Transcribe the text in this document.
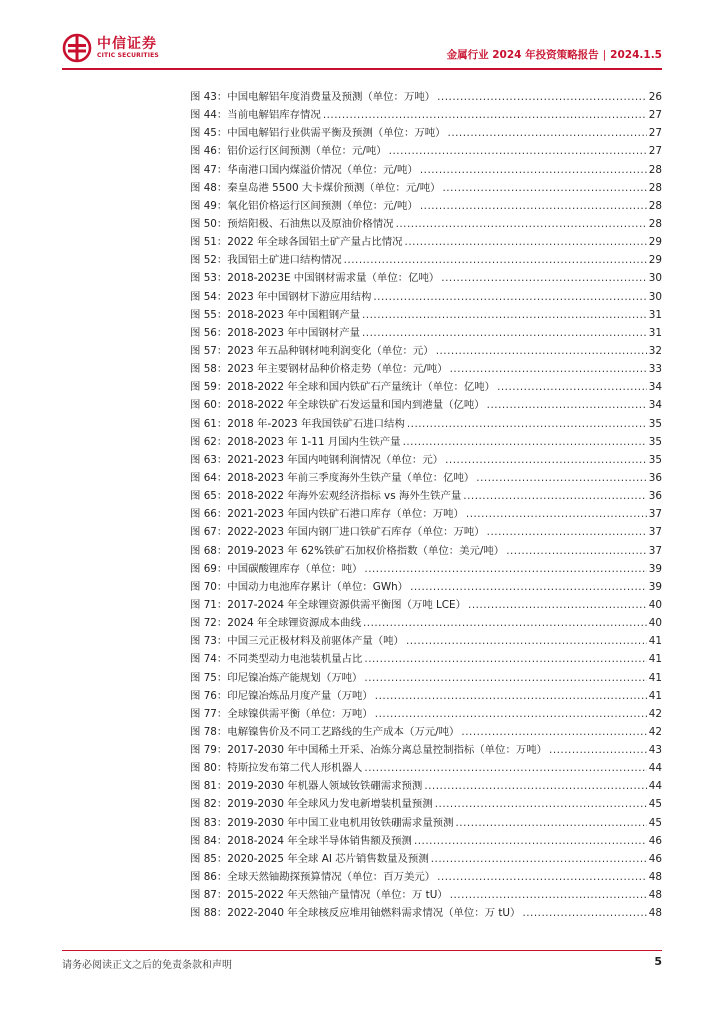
中信证券
CITIC SECURITIES	金属行业 2024 年投资策略报告 | 2024.1.5
图 43：中国电解铝年度消费量及预测（单位：万吨） .....	26
图 44：当前电解铝库存情况 .....	27
图 45：中国电解铝行业供需平衡及预测（单位：万吨） .....	27
图 46：铝价运行区间预测（单位：元/吨） .....	27
图 47：华南港口国内煤溢价情况（单位：元/吨） .....	28
图 48：秦皇岛港 5500 大卡煤价预测（单位：元/吨） .....	28
图 49：氧化铝价格运行区间预测（单位：元/吨） .....	28
图 50：预焙阳极、石油焦以及原油价格情况 .....	28
图 51：2022 年全球各国铝土矿产量占比情况 .....	29
图 52：我国铝土矿进口结构情况 .....	29
图 53：2018-2023E 中国钢材需求量（单位：亿吨） .....	30
图 54：2023 年中国钢材下游应用结构 .....	30
图 55：2018-2023 年中国粗钢产量 .....	31
图 56：2018-2023 年中国钢材产量 .....	31
图 57：2023 年五品种钢材吨利润变化（单位：元） .....	32
图 58：2023 年主要钢材品种价格走势（单位：元/吨） .....	33
图 59：2018-2022 年全球和国内铁矿石产量统计（单位：亿吨） .....	34
图 60：2018-2022 年全球铁矿石发运量和国内到港量（亿吨） .....	34
图 61：2018 年-2023 年我国铁矿石进口结构 .....	35
图 62：2018-2023 年 1-11 月国内生铁产量 .....	35
图 63：2021-2023 年国内吨钢利润情况（单位：元） .....	35
图 64：2018-2023 年前三季度海外生铁产量（单位：亿吨） .....	36
图 65：2018-2022 年海外宏观经济指标 vs 海外生铁产量 .....	36
图 66：2021-2023 年国内铁矿石港口库存（单位：万吨） .....	37
图 67：2022-2023 年国内钢厂进口铁矿石库存（单位：万吨） .....	37
图 68：2019-2023 年 62%铁矿石加权价格指数（单位：美元/吨） .....	37
图 69：中国碳酸锂库存（单位：吨） .....	39
图 70：中国动力电池库存累计（单位：GWh） .....	39
图 71：2017-2024 年全球锂资源供需平衡图（万吨 LCE） .....	40
图 72：2024 年全球锂资源成本曲线 .....	40
图 73：中国三元正极材料及前驱体产量（吨） .....	41
图 74：不同类型动力电池装机量占比 .....	41
图 75：印尼镍冶炼产能规划（万吨） .....	41
图 76：印尼镍冶炼品月度产量（万吨） .....	41
图 77：全球镍供需平衡（单位：万吨） .....	42
图 78：电解镍售价及不同工艺路线的生产成本（万元/吨） .....	42
图 79：2017-2030 年中国稀土开采、冶炼分离总量控制指标（单位：万吨） .....	43
图 80：特斯拉发布第二代人形机器人 .....	44
图 81：2019-2030 年机器人领域钕铁硼需求预测 .....	44
图 82：2019-2030 年全球风力发电新增装机量预测 .....	45
图 83：2019-2030 年中国工业电机用钕铁硼需求量预测 .....	45
图 84：2018-2024 年全球半导体销售额及预测 .....	46
图 85：2020-2025 年全球 AI 芯片销售数量及预测 .....	46
图 86：全球天然铀勘探预算情况（单位：百万美元） .....	48
图 87：2015-2022 年天然铀产量情况（单位：万 tU） .....	48
图 88：2022-2040 年全球核反应堆用铀燃料需求情况（单位：万 tU） .....	48
请务必阅读正文之后的免责条款和声明	5
